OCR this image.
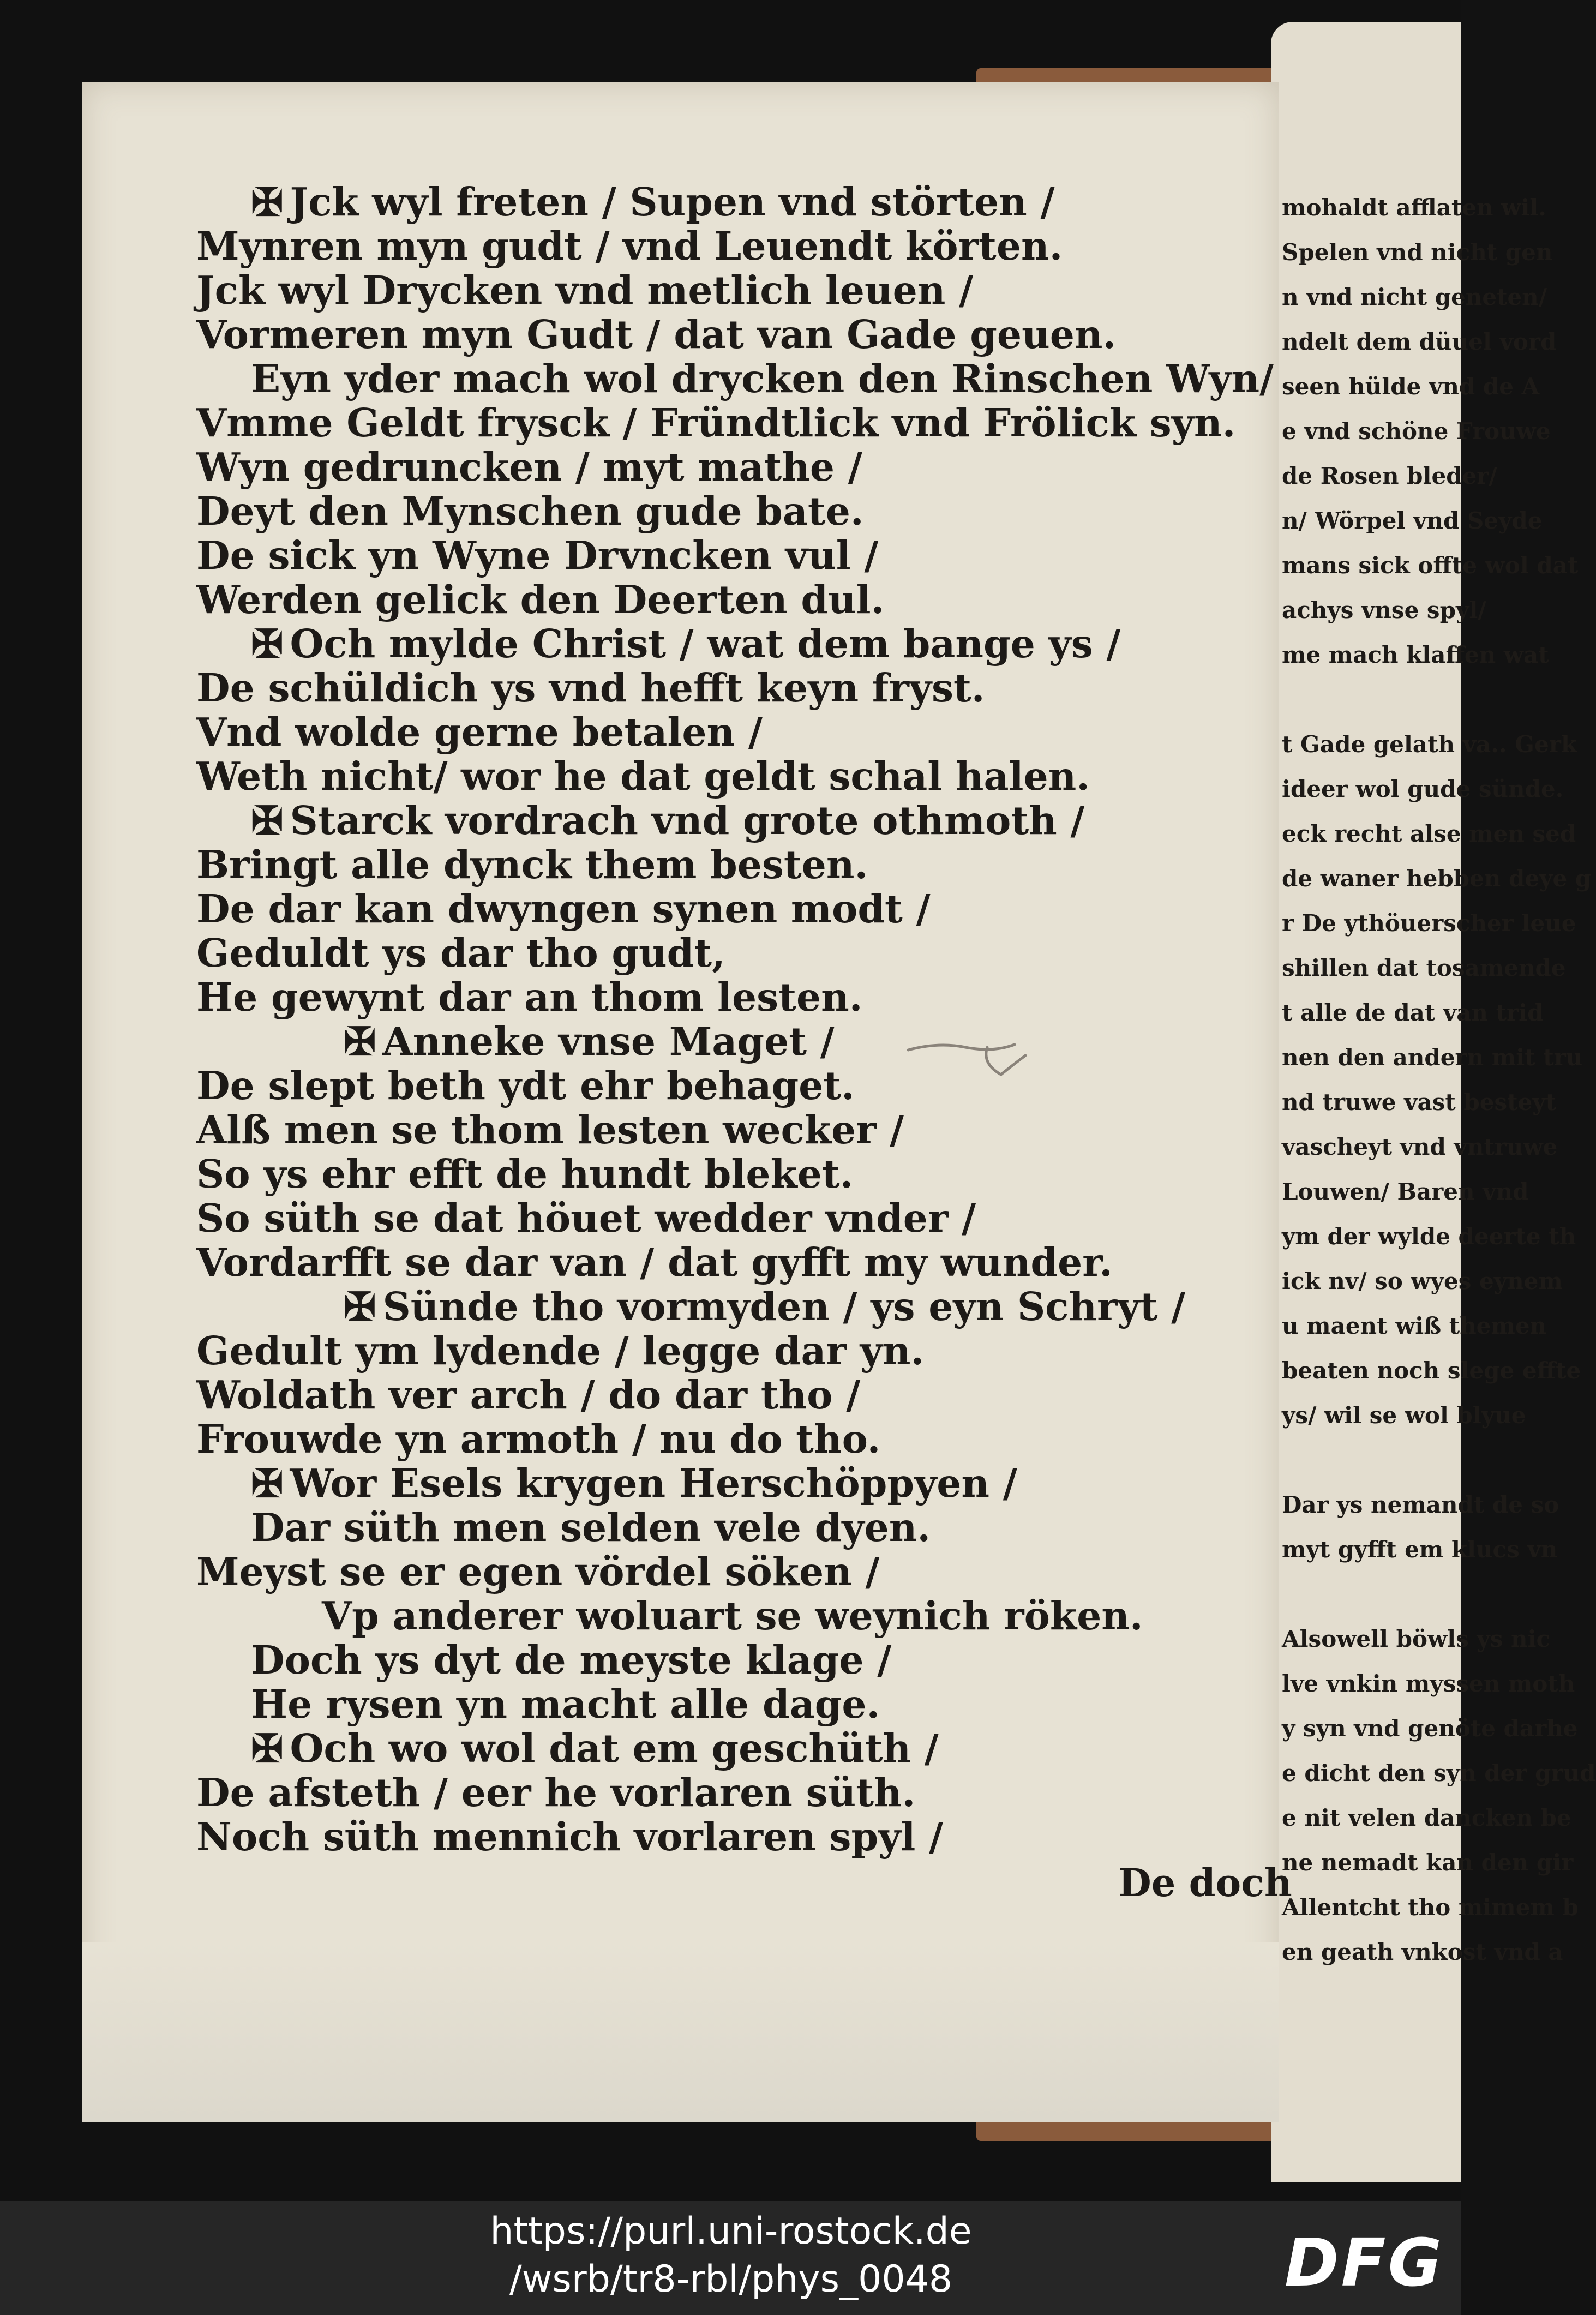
mohaldt afflaten wil.
Spelen vnd nicht gen
n vnd nicht geneten/
ndelt dem düuel vord
seen hülde vnd de A
e vnd schöne Frouwe
de Rosen bleder/
n/ Wörpel vnd Seyde
mans sick offte wol dat
achys vnse spyl/
me mach klaffen wat

t Gade gelath va.. Gerk
ideer wol gude sünde.
eck recht alse men sed
de waner hebben deye g
r De ythöuerscher leue
shillen dat tosamende
t alle de dat van trid
nen den andern mit tru
nd truwe vast besteyt
vascheyt vnd vntruwe
Louwen/ Baren vnd
ym der wylde deerte th
ick nv/ so wyes eynem
u maent wiß themen
beaten noch slege effte
ys/ wil se wol blyue

Dar ys nemandt de so
myt gyfft em klucs vn

Alsowell böwls ys nic
lve vnkin myssen moth
y syn vnd genöte darhe
e dicht den syn der grud
e nit velen dancken be
ne nemadt kan den gir
Allentcht tho mimem b
en geath vnkost vnd a
✠ Jck wyl freten / Supen vnd störten /
Mynren myn gudt / vnd Leuendt körten.
Jck wyl Drycken vnd metlich leuen /
Vormeren myn Gudt / dat van Gade geuen.
Eyn yder mach wol drycken den Rinschen Wyn/
Vmme Geldt frysck / Fründtlick vnd Frölick syn.
Wyn gedruncken / myt mathe /
Deyt den Mynschen gude bate.
De sick yn Wyne Drvncken vul /
Werden gelick den Deerten dul.
✠ Och mylde Christ / wat dem bange ys /
De schüldich ys vnd hefft keyn fryst.
Vnd wolde gerne betalen /
Weth nicht/ wor he dat geldt schal halen.
✠ Starck vordrach vnd grote othmoth /
Bringt alle dynck them besten.
De dar kan dwyngen synen modt /
Geduldt ys dar tho gudt,
He gewynt dar an thom lesten.
✠ Anneke vnse Maget /
De slept beth ydt ehr behaget.
Alß men se thom lesten wecker /
So ys ehr efft de hundt bleket.
So süth se dat höuet wedder vnder /
Vordarfft se dar van / dat gyfft my wunder.
✠ Sünde tho vormyden / ys eyn Schryt /
Gedult ym lydende / legge dar yn.
Woldath ver arch / do dar tho /
Frouwde yn armoth / nu do tho.
✠ Wor Esels krygen Herschöppyen /
Dar süth men selden vele dyen.
Meyst se er egen vördel söken /
Vp anderer woluart se weynich röken.
Doch ys dyt de meyste klage /
He rysen yn macht alle dage.
✠ Och wo wol dat em geschüth /
De afsteth / eer he vorlaren süth.
Noch süth mennich vorlaren spyl /
De doch
https://purl.uni-rostock.de
/wsrb/tr8-rbl/phys_0048	DFG
